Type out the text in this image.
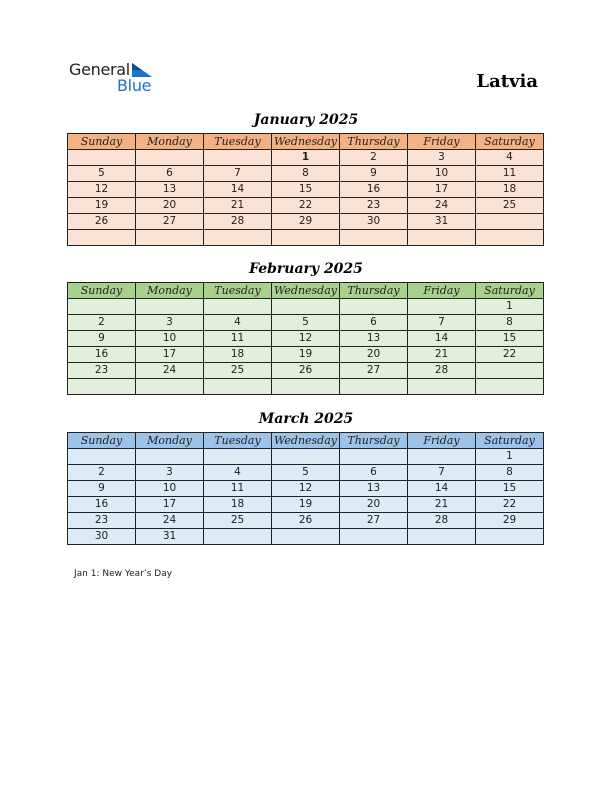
General
Blue	Latvia
January 2025
Sunday	Monday	Tuesday	Wednesday	Thursday	Friday	Saturday
			1	2	3	4
5	6	7	8	9	10	11
12	13	14	15	16	17	18
19	20	21	22	23	24	25
26	27	28	29	30	31	

February 2025
Sunday	Monday	Tuesday	Wednesday	Thursday	Friday	Saturday
						1
2	3	4	5	6	7	8
9	10	11	12	13	14	15
16	17	18	19	20	21	22
23	24	25	26	27	28	

March 2025
Sunday	Monday	Tuesday	Wednesday	Thursday	Friday	Saturday
						1
2	3	4	5	6	7	8
9	10	11	12	13	14	15
16	17	18	19	20	21	22
23	24	25	26	27	28	29
30	31					
Jan 1: New Year’s Day
